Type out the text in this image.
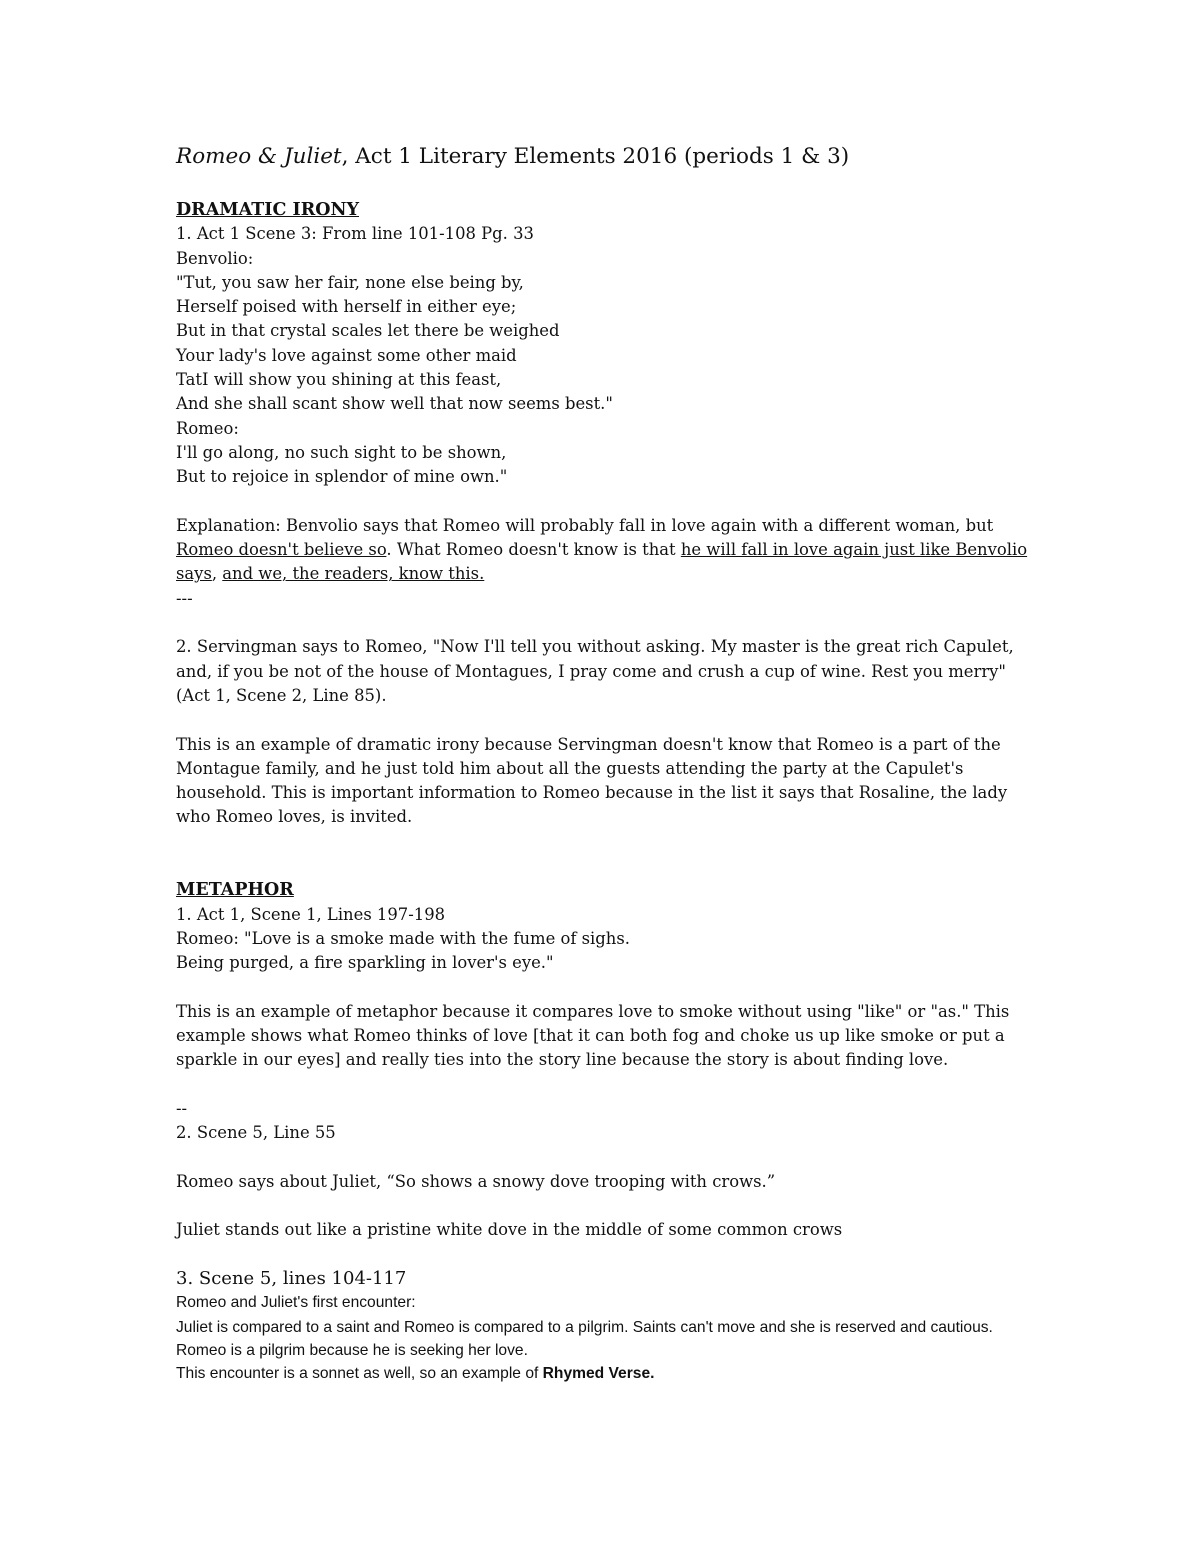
Romeo & Juliet, Act 1 Literary Elements 2016 (periods 1 & 3)
DRAMATIC IRONY
1. Act 1 Scene 3: From line 101-108 Pg. 33
Benvolio:
"Tut, you saw her fair, none else being by,
Herself poised with herself in either eye;
But in that crystal scales let there be weighed
Your lady's love against some other maid
TatI will show you shining at this feast,
And she shall scant show well that now seems best."
Romeo:
I'll go along, no such sight to be shown,
But to rejoice in splendor of mine own."
Explanation: Benvolio says that Romeo will probably fall in love again with a different woman, but Romeo doesn't believe so. What Romeo doesn't know is that he will fall in love again just like Benvolio says, and we, the readers, know this.
---
2. Servingman says to Romeo, "Now I'll tell you without asking. My master is the great rich Capulet, and, if you be not of the house of Montagues, I pray come and crush a cup of wine. Rest you merry" (Act 1, Scene 2, Line 85).
This is an example of dramatic irony because Servingman doesn't know that Romeo is a part of the Montague family, and he just told him about all the guests attending the party at the Capulet's household. This is important information to Romeo because in the list it says that Rosaline, the lady who Romeo loves, is invited.
METAPHOR
1. Act 1, Scene 1, Lines 197-198
Romeo: "Love is a smoke made with the fume of sighs.
Being purged, a fire sparkling in lover's eye."
This is an example of metaphor because it compares love to smoke without using "like" or "as." This example shows what Romeo thinks of love [that it can both fog and choke us up like smoke or put a sparkle in our eyes] and really ties into the story line because the story is about finding love.
--
2. Scene 5, Line 55
Romeo says about Juliet, “So shows a snowy dove trooping with crows.”
Juliet stands out like a pristine white dove in the middle of some common crows
3. Scene 5, lines 104-117
Romeo and Juliet's first encounter:
Juliet is compared to a saint and Romeo is compared to a pilgrim. Saints can't move and she is reserved and cautious. Romeo is a pilgrim because he is seeking her love.
This encounter is a sonnet as well, so an example of Rhymed Verse.
